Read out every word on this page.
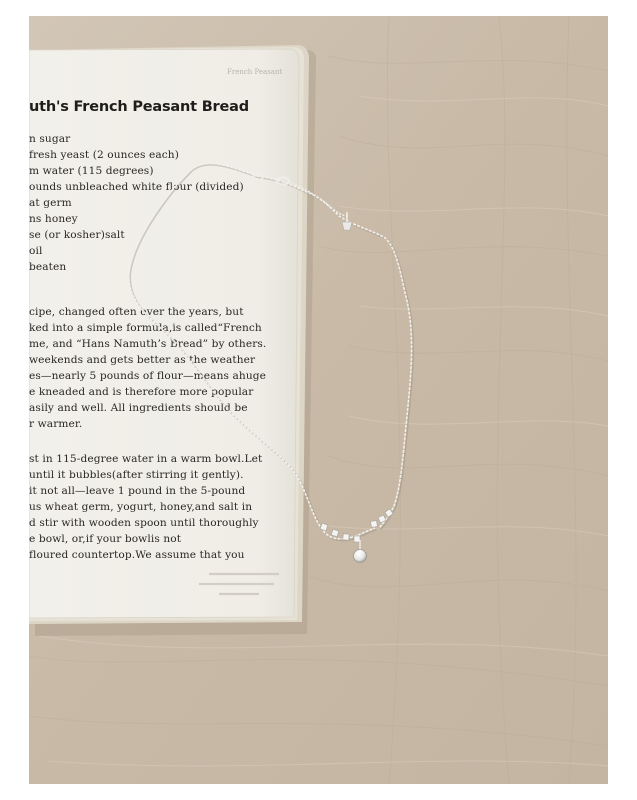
French Peasant
uth's French Peasant Bread
n sugar
fresh yeast (2 ounces each)
m water (115 degrees)
ounds unbleached white flour (divided)
at germ
ns honey
se (or kosher)salt
oil
beaten
cipe, changed often over the years, but
ked into a simple formula,is called“French
me, and “Hans Namuth’s Bread” by others.
weekends and gets better as the weather
es—nearly 5 pounds of flour—means ahuge
e kneaded and is therefore more popular
asily and well. All ingredients should be
r warmer.
st in 115-degree water in a warm bowl.Let
until it bubbles(after stirring it gently).
it not all—leave 1 pound in the 5-pound
us wheat germ, yogurt, honey,and salt in
d stir with wooden spoon until thoroughly
e bowl, or,if your bowlis not
floured countertop.We assume that you
